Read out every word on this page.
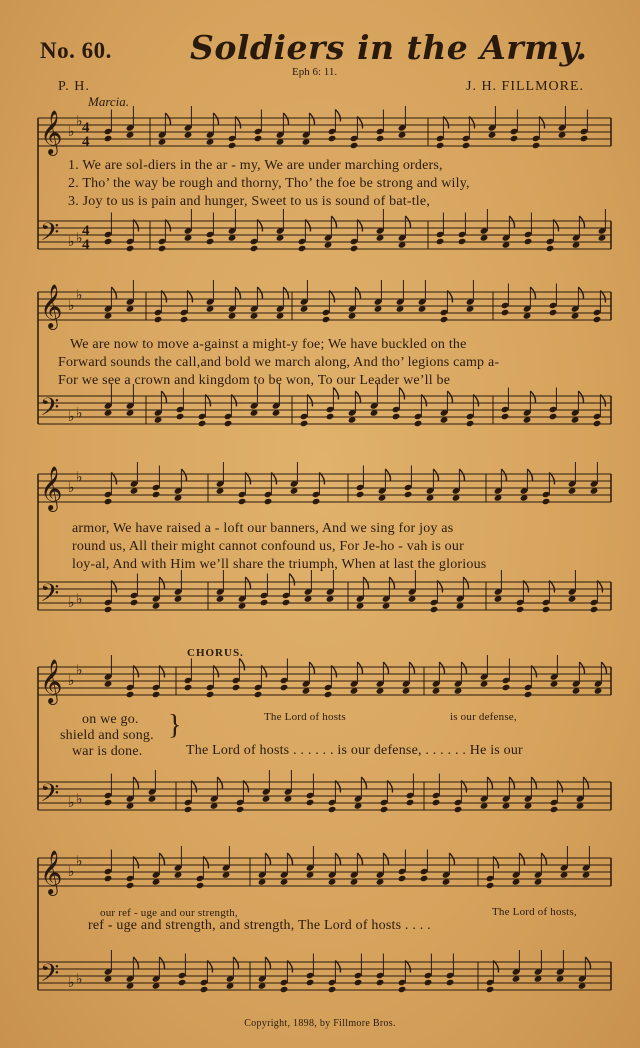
No. 60. Soldiers in the Army.
Eph 6: 11.
P. H.	J. H. FILLMORE.
Marcia.
𝄞
𝄢
♭
♭
♭ ♭
𝄞
𝄢
♭
♭
♭ ♭
𝄞
𝄢
♭
♭
♭ ♭
𝄞
𝄢
♭
♭
♭ ♭
𝄞
𝄢
♭
♭
♭ ♭
4
4
4
4
1. We are sol-diers in the ar - my, We are under marching orders,
2. Tho’ the way be rough and thorny, Tho’ the foe be strong and wily,
3. Joy to us is pain and hunger, Sweet to us is sound of bat-tle,
We are now to move a-gainst a might-y foe; We have buckled on the
Forward sounds the call,and bold we march along, And tho’ legions camp a-
For we see a crown and kingdom to be won, To our Leader we’ll be
armor, We have raised a - loft our banners, And we sing for joy as
round us, All their might cannot confound us, For Je-ho - vah is our
loy-al, And with Him we’ll share the triumph, When at last the glorious
CHORUS.
on we go.
shield and song.
war is done.
}	The Lord of hosts	is our defense,
The Lord of hosts . . . . . . is our defense, . . . . . . He is our
our ref - uge and our strength,	The Lord of hosts,
ref - uge and strength, and strength, The Lord of hosts . . . .
Copyright, 1898, by Fillmore Bros.
